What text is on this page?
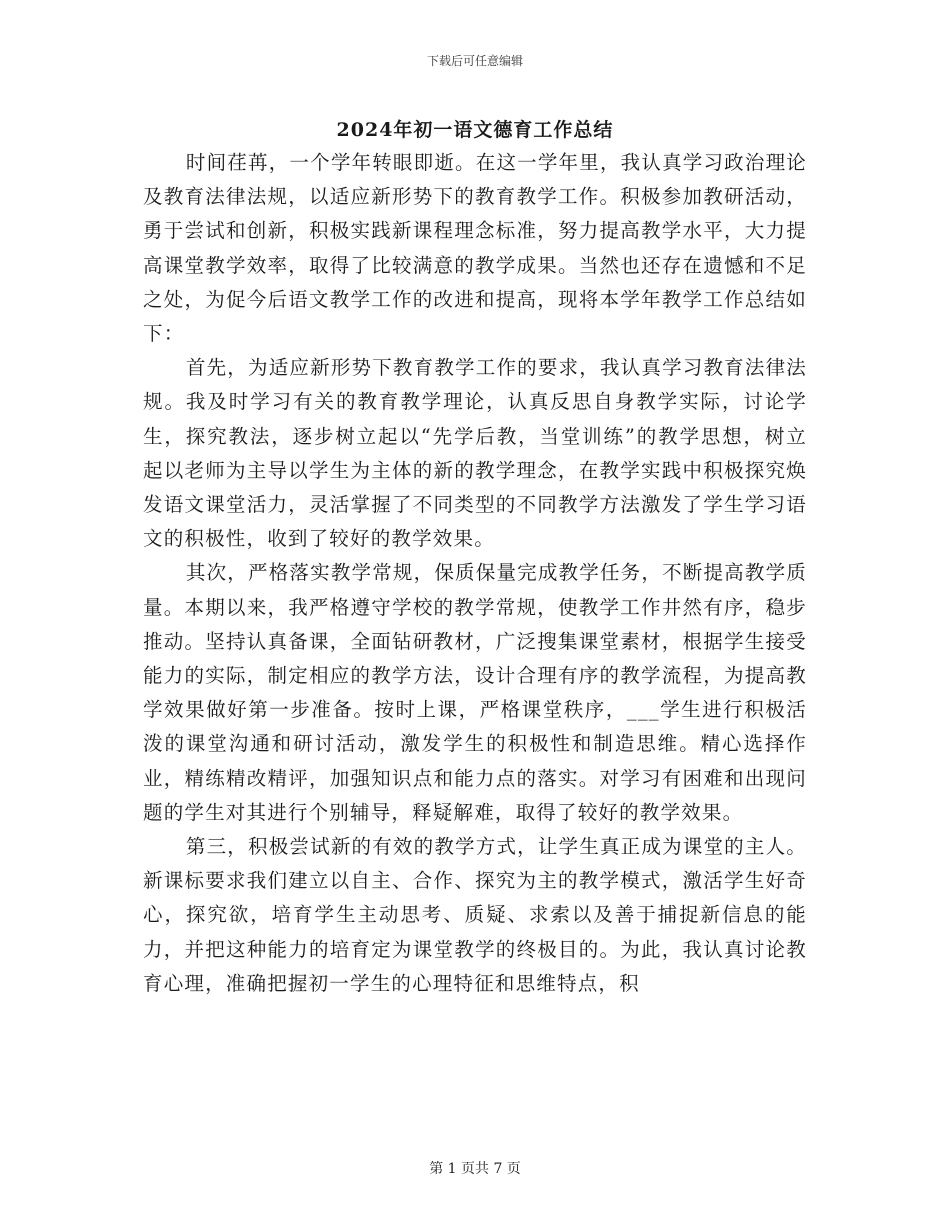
下载后可任意编辑
2024年初一语文德育工作总结

时间荏苒，一个学年转眼即逝。在这一学年里，我认真学习政治理论及教育法律法规，以适应新形势下的教育教学工作。积极参加教研活动，勇于尝试和创新，积极实践新课程理念标准，努力提高教学水平，大力提高课堂教学效率，取得了比较满意的教学成果。当然也还存在遗憾和不足之处，为促今后语文教学工作的改进和提高，现将本学年教学工作总结如下：

首先，为适应新形势下教育教学工作的要求，我认真学习教育法律法规。我及时学习有关的教育教学理论，认真反思自身教学实际，讨论学生，探究教法，逐步树立起以“先学后教，当堂训练”的教学思想，树立起以老师为主导以学生为主体的新的教学理念，在教学实践中积极探究焕发语文课堂活力，灵活掌握了不同类型的不同教学方法激发了学生学习语文的积极性，收到了较好的教学效果。

其次，严格落实教学常规，保质保量完成教学任务，不断提高教学质量。本期以来，我严格遵守学校的教学常规，使教学工作井然有序，稳步推动。坚持认真备课，全面钻研教材，广泛搜集课堂素材，根据学生接受能力的实际，制定相应的教学方法，设计合理有序的教学流程，为提高教学效果做好第一步准备。按时上课，严格课堂秩序，___学生进行积极活泼的课堂沟通和研讨活动，激发学生的积极性和制造思维。精心选择作业，精练精改精评，加强知识点和能力点的落实。对学习有困难和出现问题的学生对其进行个别辅导，释疑解难，取得了较好的教学效果。

第三，积极尝试新的有效的教学方式，让学生真正成为课堂的主人。新课标要求我们建立以自主、合作、探究为主的教学模式，激活学生好奇心，探究欲，培育学生主动思考、质疑、求索以及善于捕捉新信息的能力，并把这种能力的培育定为课堂教学的终极目的。为此，我认真讨论教育心理，准确把握初一学生的心理特征和思维特点，积

第 1 页共 7 页
